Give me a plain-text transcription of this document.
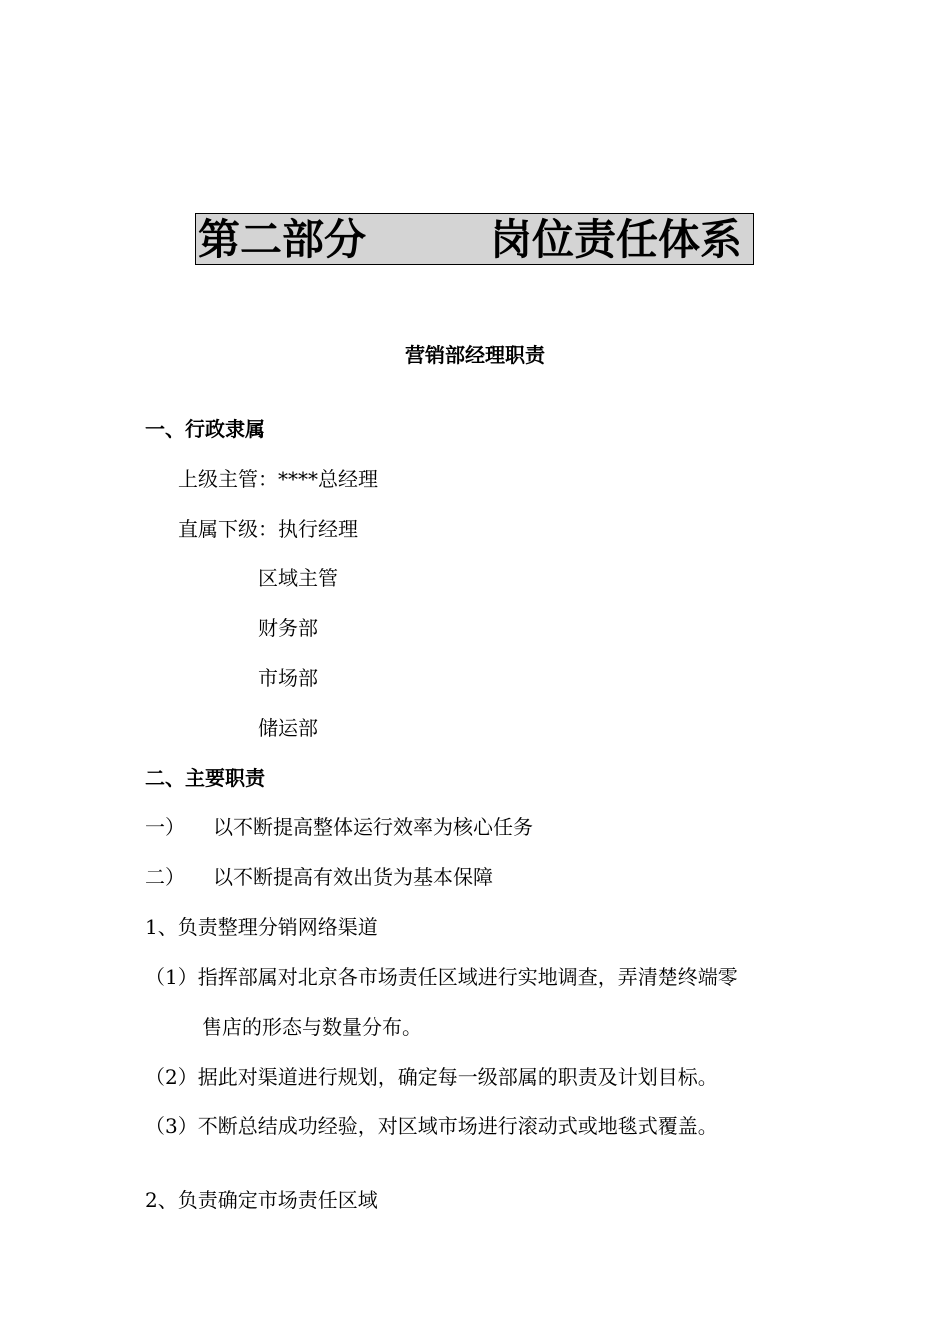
第二部分	岗位责任体系
营销部经理职责
一、行政隶属
上级主管：****总经理
直属下级：执行经理
区域主管
财务部
市场部
储运部
二、主要职责
一） 以不断提高整体运行效率为核心任务
二） 以不断提高有效出货为基本保障
1、负责整理分销网络渠道
（1）指挥部属对北京各市场责任区域进行实地调查，弄清楚终端零
售店的形态与数量分布。
（2）据此对渠道进行规划，确定每一级部属的职责及计划目标。
（3）不断总结成功经验，对区域市场进行滚动式或地毯式覆盖。
2、负责确定市场责任区域
